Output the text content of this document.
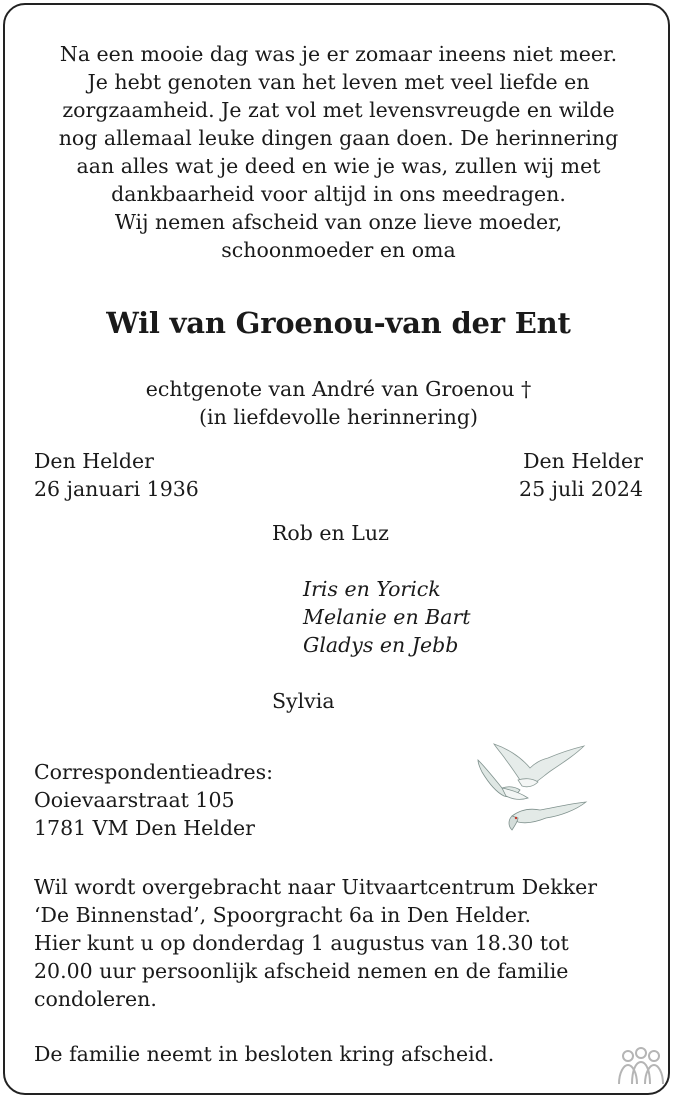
Na een mooie dag was je er zomaar ineens niet meer.
Je hebt genoten van het leven met veel liefde en
zorgzaamheid. Je zat vol met levensvreugde en wilde
nog allemaal leuke dingen gaan doen. De herinnering
aan alles wat je deed en wie je was, zullen wij met
dankbaarheid voor altijd in ons meedragen.
Wij nemen afscheid van onze lieve moeder,
schoonmoeder en oma
Wil van Groenou-van der Ent
echtgenote van André van Groenou †
(in liefdevolle herinnering)
Den Helder
26 januari 1936
Den Helder
25 juli 2024
Rob en Luz
Iris en Yorick
Melanie en Bart
Gladys en Jebb
Sylvia
Correspondentieadres:
Ooievaarstraat 105
1781 VM Den Helder
Wil wordt overgebracht naar Uitvaartcentrum Dekker
‘De Binnenstad’, Spoorgracht 6a in Den Helder.
Hier kunt u op donderdag 1 augustus van 18.30 tot
20.00 uur persoonlijk afscheid nemen en de familie
condoleren.
De familie neemt in besloten kring afscheid.
